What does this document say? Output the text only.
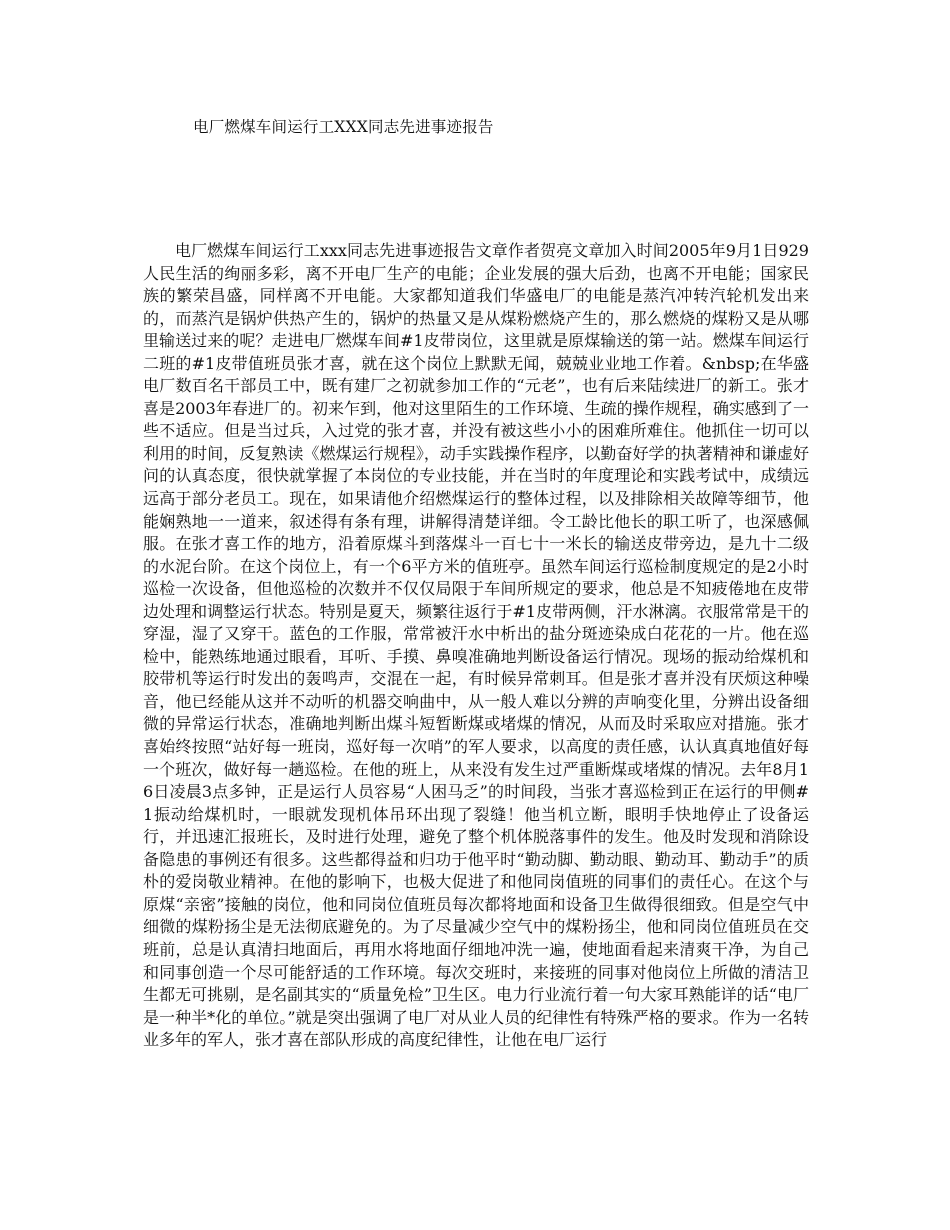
电厂燃煤车间运行工XXX同志先进事迹报告

电厂燃煤车间运行工xxx同志先进事迹报告文章作者贺亮文章加入时间2005年9月1日929人民生活的绚丽多彩，离不开电厂生产的电能；企业发展的强大后劲，也离不开电能；国家民族的繁荣昌盛，同样离不开电能。大家都知道我们华盛电厂的电能是蒸汽冲转汽轮机发出来的，而蒸汽是锅炉供热产生的，锅炉的热量又是从煤粉燃烧产生的，那么燃烧的煤粉又是从哪里输送过来的呢？走进电厂燃煤车间#1皮带岗位，这里就是原煤输送的第一站。燃煤车间运行二班的#1皮带值班员张才喜，就在这个岗位上默默无闻，兢兢业业地工作着。&nbsp;在华盛电厂数百名干部员工中，既有建厂之初就参加工作的“元老”，也有后来陆续进厂的新工。张才喜是2003年春进厂的。初来乍到，他对这里陌生的工作环境、生疏的操作规程，确实感到了一些不适应。但是当过兵，入过党的张才喜，并没有被这些小小的困难所难住。他抓住一切可以利用的时间，反复熟读《燃煤运行规程》，动手实践操作程序，以勤奋好学的执著精神和谦虚好问的认真态度，很快就掌握了本岗位的专业技能，并在当时的年度理论和实践考试中，成绩远远高于部分老员工。现在，如果请他介绍燃煤运行的整体过程，以及排除相关故障等细节，他能娴熟地一一道来，叙述得有条有理，讲解得清楚详细。令工龄比他长的职工听了，也深感佩服。在张才喜工作的地方，沿着原煤斗到落煤斗一百七十一米长的输送皮带旁边，是九十二级的水泥台阶。在这个岗位上，有一个6平方米的值班亭。虽然车间运行巡检制度规定的是2小时巡检一次设备，但他巡检的次数并不仅仅局限于车间所规定的要求，他总是不知疲倦地在皮带边处理和调整运行状态。特别是夏天，频繁往返行于#1皮带两侧，汗水淋漓。衣服常常是干的穿湿，湿了又穿干。蓝色的工作服，常常被汗水中析出的盐分斑迹染成白花花的一片。他在巡检中，能熟练地通过眼看，耳听、手摸、鼻嗅准确地判断设备运行情况。现场的振动给煤机和胶带机等运行时发出的轰鸣声，交混在一起，有时候异常刺耳。但是张才喜并没有厌烦这种噪音，他已经能从这并不动听的机器交响曲中，从一般人难以分辨的声响变化里，分辨出设备细微的异常运行状态，准确地判断出煤斗短暂断煤或堵煤的情况，从而及时采取应对措施。张才喜始终按照“站好每一班岗，巡好每一次哨”的军人要求，以高度的责任感，认认真真地值好每一个班次，做好每一趟巡检。在他的班上，从来没有发生过严重断煤或堵煤的情况。去年8月16日凌晨3点多钟，正是运行人员容易“人困马乏”的时间段，当张才喜巡检到正在运行的甲侧#1振动给煤机时，一眼就发现机体吊环出现了裂缝！他当机立断，眼明手快地停止了设备运行，并迅速汇报班长，及时进行处理，避免了整个机体脱落事件的发生。他及时发现和消除设备隐患的事例还有很多。这些都得益和归功于他平时“勤动脚、勤动眼、勤动耳、勤动手”的质朴的爱岗敬业精神。在他的影响下，也极大促进了和他同岗值班的同事们的责任心。在这个与原煤“亲密”接触的岗位，他和同岗位值班员每次都将地面和设备卫生做得很细致。但是空气中细微的煤粉扬尘是无法彻底避免的。为了尽量减少空气中的煤粉扬尘，他和同岗位值班员在交班前，总是认真清扫地面后，再用水将地面仔细地冲洗一遍，使地面看起来清爽干净，为自己和同事创造一个尽可能舒适的工作环境。每次交班时，来接班的同事对他岗位上所做的清洁卫生都无可挑剔，是名副其实的“质量免检”卫生区。电力行业流行着一句大家耳熟能详的话“电厂是一种半*化的单位。”就是突出强调了电厂对从业人员的纪律性有特殊严格的要求。作为一名转业多年的军人，张才喜在部队形成的高度纪律性，让他在电厂运行
